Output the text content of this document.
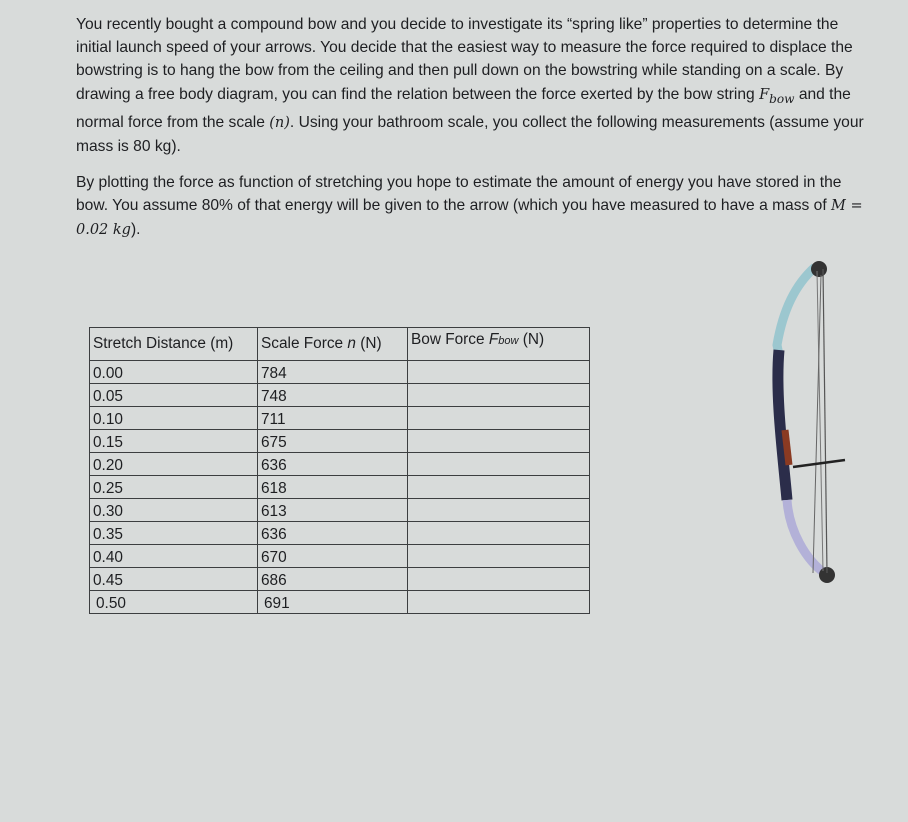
You recently bought a compound bow and you decide to investigate its “spring like” properties to determine the initial launch speed of your arrows. You decide that the easiest way to measure the force required to displace the bowstring is to hang the bow from the ceiling and then pull down on the bowstring while standing on a scale. By drawing a free body diagram, you can find the relation between the force exerted by the bow string $F_{bow}$ and the normal force from the scale (n). Using your bathroom scale, you collect the following measurements (assume your mass is 80 kg).
By plotting the force as function of stretching you hope to estimate the amount of energy you have stored in the bow. You assume 80% of that energy will be given to the arrow (which you have measured to have a mass of M = 0.02 kg).
Stretch Distance (m)	Scale Force n (N)	Bow Force Fbow (N)
0.00	784	
0.05	748	
0.10	711	
0.15	675	
0.20	636	
0.25	618	
0.30	613	
0.35	636	
0.40	670	
0.45	686	
0.50	691	
